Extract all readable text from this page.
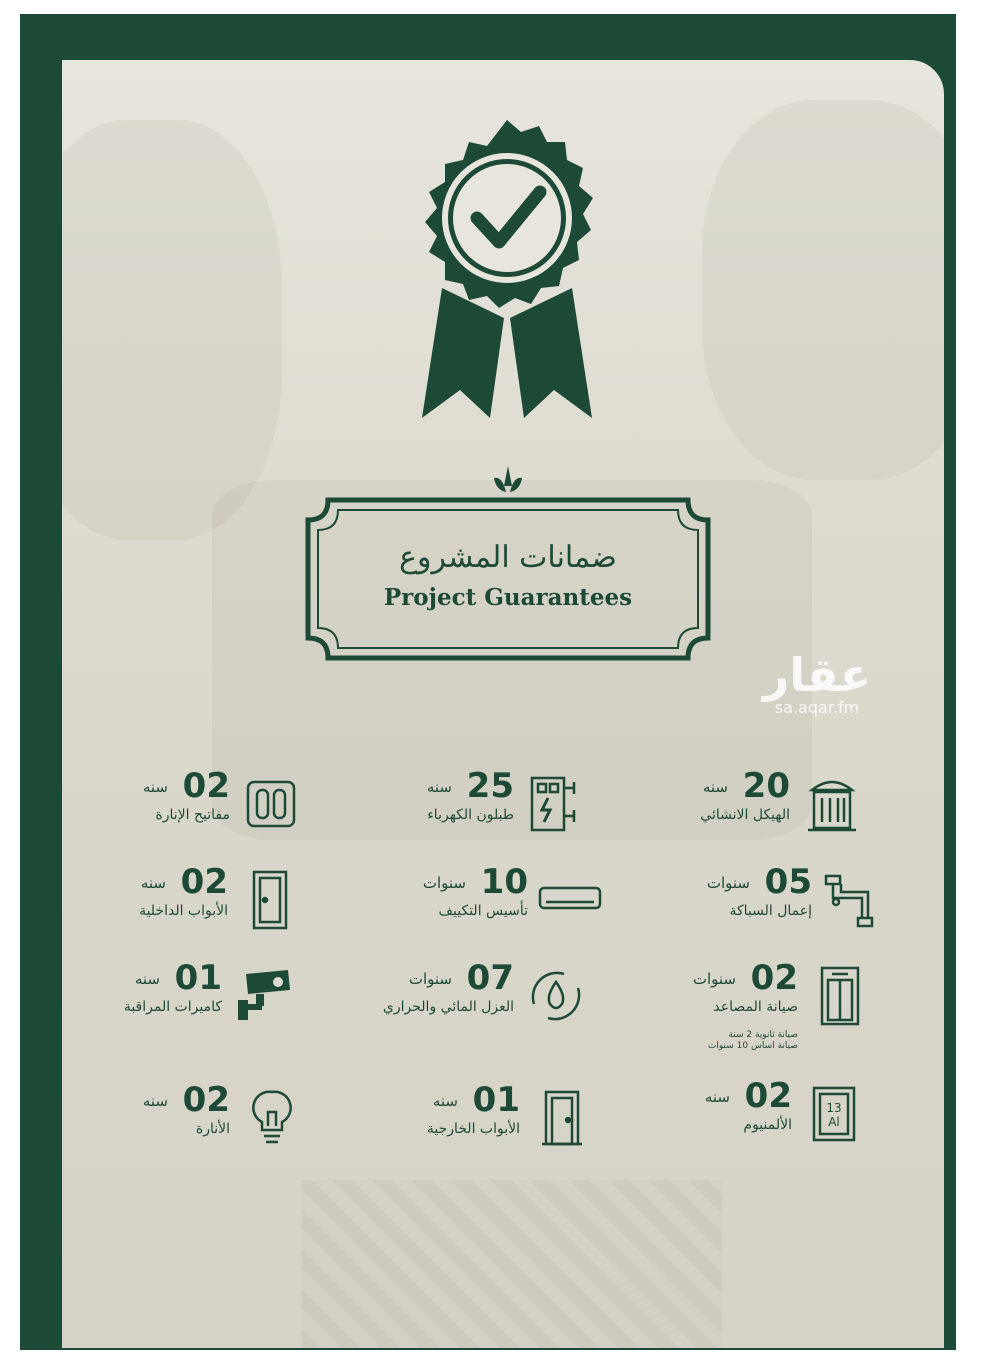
ضمانات المشروع
Project Guarantees
عقار
sa.aqar.fm
20
سنه
الهيكل الانشائي
25
سنه
طبلون الكهرباء
02
سنه
مفاتيح الإنارة
05
سنوات
إعمال السباكة
10
سنوات
تأسيس التكييف
02
سنه
الأبواب الداخلية
02
سنوات
صيانة المصاعد
صيانة ثانوية 2 سنة
صيانة اساس 10 سنوات
07
سنوات
العزل المائي والحراري
01
سنه
كاميرات المراقبة
13
Al
02
سنه
الألمنيوم
01
سنه
الأبواب الخارجية
02
سنه
الأنارة
